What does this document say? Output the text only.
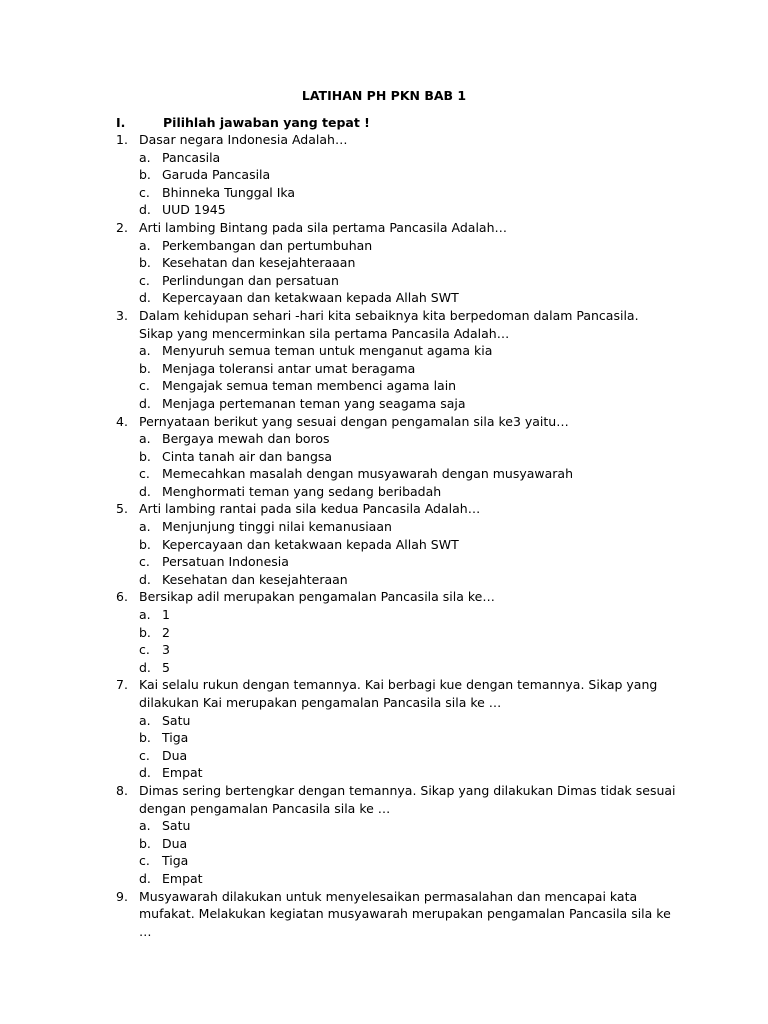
LATIHAN PH PKN BAB 1
I.	Pilihlah jawaban yang tepat !
1. Dasar negara Indonesia Adalah…
a. Pancasila
b. Garuda Pancasila
c. Bhinneka Tunggal Ika
d. UUD 1945
2. Arti lambing Bintang pada sila pertama Pancasila Adalah…
a. Perkembangan dan pertumbuhan
b. Kesehatan dan kesejahteraaan
c. Perlindungan dan persatuan
d. Kepercayaan dan ketakwaan kepada Allah SWT
3. Dalam kehidupan sehari -hari kita sebaiknya kita berpedoman dalam Pancasila. Sikap yang mencerminkan sila pertama Pancasila Adalah…
a. Menyuruh semua teman untuk menganut agama kia
b. Menjaga toleransi antar umat beragama
c. Mengajak semua teman membenci agama lain
d. Menjaga pertemanan teman yang seagama saja
4. Pernyataan berikut yang sesuai dengan pengamalan sila ke3 yaitu…
a. Bergaya mewah dan boros
b. Cinta tanah air dan bangsa
c. Memecahkan masalah dengan musyawarah dengan musyawarah
d. Menghormati teman yang sedang beribadah
5. Arti lambing rantai pada sila kedua Pancasila Adalah…
a. Menjunjung tinggi nilai kemanusiaan
b. Kepercayaan dan ketakwaan kepada Allah SWT
c. Persatuan Indonesia
d. Kesehatan dan kesejahteraan
6. Bersikap adil merupakan pengamalan Pancasila sila ke…
a. 1
b. 2
c. 3
d. 5
7. Kai selalu rukun dengan temannya. Kai berbagi kue dengan temannya. Sikap yang dilakukan Kai merupakan pengamalan Pancasila sila ke …
a. Satu
b. Tiga
c. Dua
d. Empat
8. Dimas sering bertengkar dengan temannya. Sikap yang dilakukan Dimas tidak sesuai dengan pengamalan Pancasila sila ke …
a. Satu
b. Dua
c. Tiga
d. Empat
9. Musyawarah dilakukan untuk menyelesaikan permasalahan dan mencapai kata mufakat. Melakukan kegiatan musyawarah merupakan pengamalan Pancasila sila ke …
